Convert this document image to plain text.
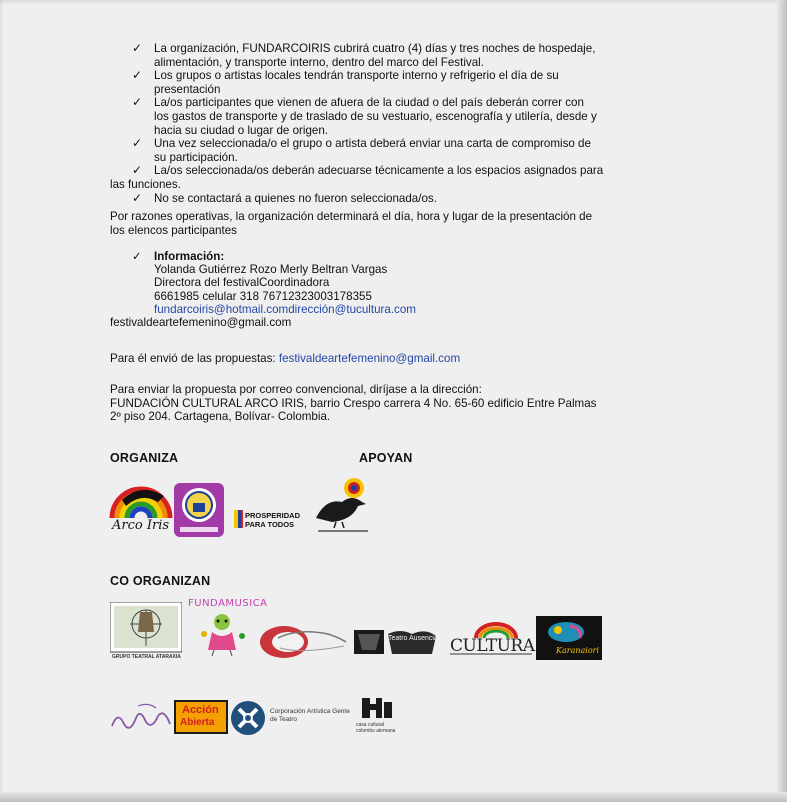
✓	La organización, FUNDARCOIRIS cubrirá cuatro (4) días y tres noches de hospedaje,
alimentación, y transporte interno, dentro del marco del Festival.
✓	Los grupos o artistas locales tendrán transporte interno y refrigerio el día de su
presentación
✓	La/os participantes que vienen de afuera de la ciudad o del país deberán correr con
los gastos de transporte y de traslado de su vestuario, escenografía y utilería, desde y
hacia su ciudad o lugar de origen.
✓	Una vez seleccionada/o el grupo o artista deberá enviar una carta de compromiso de
su participación.
✓	La/os seleccionada/os deberán adecuarse técnicamente a los espacios asignados para
las funciones.
✓	No se contactará a quienes no fueron seleccionada/os.
Por razones operativas, la organización determinará el día, hora y lugar de la presentación de
los elencos participantes
✓ Información:
Yolanda Gutiérrez Rozo Merly Beltran Vargas
Directora del festivalCoordinadora
6661985 celular 318 76712323003178355
fundarcoiris@hotmail.comdirección@tucultura.com
festivaldeartefemenino@gmail.com
Para él envió de las propuestas: festivaldeartefemenino@gmail.com
Para enviar la propuesta por correo convencional, diríjase a la dirección:
FUNDACIÓN CULTURAL ARCO IRIS, barrio Crespo carrera 4 No. 65-60 edificio Entre Palmas
2º piso 204. Cartagena, Bolívar- Colombia.
ORGANIZA	APOYAN
CO ORGANIZAN
Arco Iris
PROSPERIDAD
PARA TODOS
GRUPO TEATRAL ATARAXIA
FUNDAMUSICA
Teatro Ausencia CULTURA	Karanaiori
Acción
Abierta
Corporación Artística Gente de Teatro
casa cultural colombo alemana
